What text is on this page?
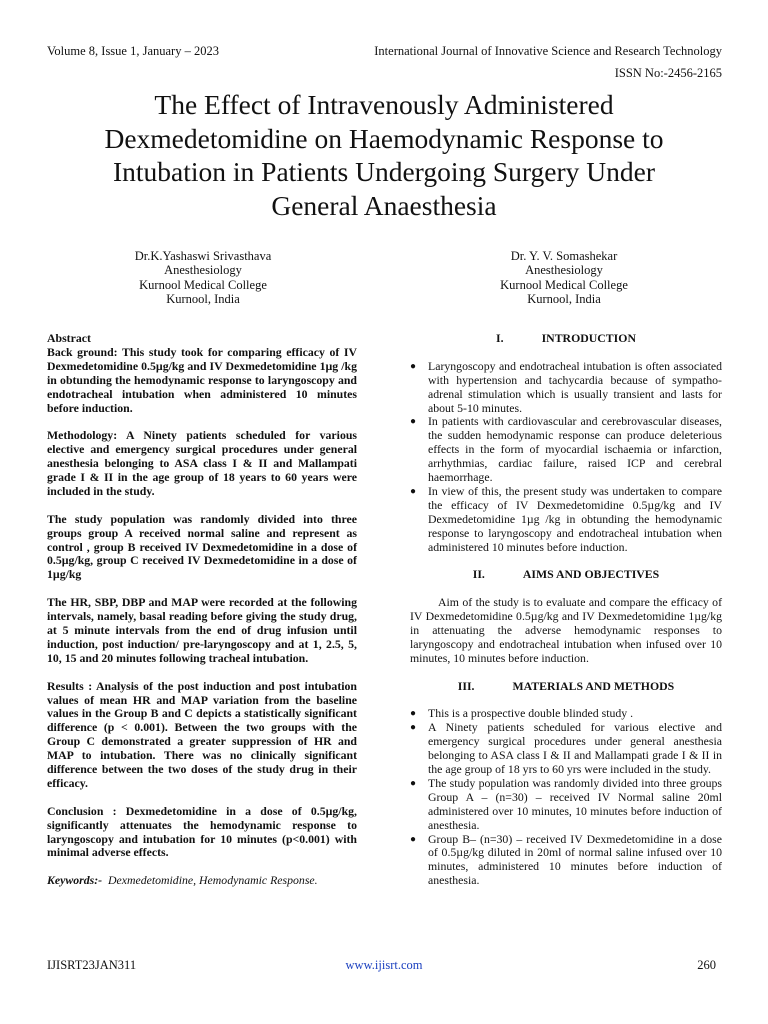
Volume 8, Issue 1, January – 2023	International Journal of Innovative Science and Research Technology
ISSN No:-2456-2165
The Effect of Intravenously Administered
Dexmedetomidine on Haemodynamic Response to
Intubation in Patients Undergoing Surgery Under
General Anaesthesia
Dr.K.Yashaswi Srivasthava
Anesthesiology
Kurnool Medical College
Kurnool, India
Dr. Y. V. Somashekar
Anesthesiology
Kurnool Medical College
Kurnool, India
Abstract

Back ground: This study took for comparing efficacy of IV Dexmedetomidine 0.5µg/kg and IV Dexmedetomidine 1µg /kg in obtunding the hemodynamic response to laryngoscopy and endotracheal intubation when administered 10 minutes before induction.

Methodology: A Ninety patients scheduled for various elective and emergency surgical procedures under general anesthesia belonging to ASA class I & II and Mallampati grade I & II in the age group of 18 years to 60 years were included in the study.

The study population was randomly divided into three groups group A received normal saline and represent as control , group B received IV Dexmedetomidine in a dose of 0.5µg/kg, group C received IV Dexmedetomidine in a dose of 1µg/kg

The HR, SBP, DBP and MAP were recorded at the following intervals, namely, basal reading before giving the study drug, at 5 minute intervals from the end of drug infusion until induction, post induction/ pre-laryngoscopy and at 1, 2.5, 5, 10, 15 and 20 minutes following tracheal intubation.

Results : Analysis of the post induction and post intubation values of mean HR and MAP variation from the baseline values in the Group B and C depicts a statistically significant difference (p < 0.001). Between the two groups with the Group C demonstrated a greater suppression of HR and MAP to intubation. There was no clinically significant difference between the two doses of the study drug in their efficacy.

Conclusion : Dexmedetomidine in a dose of 0.5µg/kg, significantly attenuates the hemodynamic response to laryngoscopy and intubation for 10 minutes (p<0.001) with minimal adverse effects.

Keywords:- Dexmedetomidine, Hemodynamic Response.

I.	INTRODUCTION
●	Laryngoscopy and endotracheal intubation is often associated with hypertension and tachycardia because of sympatho-adrenal stimulation which is usually transient and lasts for about 5-10 minutes.
●	In patients with cardiovascular and cerebrovascular diseases, the sudden hemodynamic response can produce deleterious effects in the form of myocardial ischaemia or infarction, arrhythmias, cardiac failure, raised ICP and cerebral haemorrhage.
●	In view of this, the present study was undertaken to compare the efficacy of IV Dexmedetomidine 0.5µg/kg and IV Dexmedetomidine 1µg /kg in obtunding the hemodynamic response to laryngoscopy and endotracheal intubation when administered 10 minutes before induction.
II.	AIMS AND OBJECTIVES

Aim of the study is to evaluate and compare the efficacy of IV Dexmedetomidine 0.5µg/kg and IV Dexmedetomidine 1µg/kg in attenuating the adverse hemodynamic responses to laryngoscopy and endotracheal intubation when infused over 10 minutes, 10 minutes before induction.

III.	MATERIALS AND METHODS
●	This is a prospective double blinded study .
●	A Ninety patients scheduled for various elective and emergency surgical procedures under general anesthesia belonging to ASA class I & II and Mallampati grade I & II in the age group of 18 yrs to 60 yrs were included in the study.
●	The study population was randomly divided into three groups Group A – (n=30) – received IV Normal saline 20ml administered over 10 minutes, 10 minutes before induction of anesthesia.
●	Group B– (n=30) – received IV Dexmedetomidine in a dose of 0.5µg/kg diluted in 20ml of normal saline infused over 10 minutes, administered 10 minutes before induction of anesthesia.
IJISRT23JAN311	www.ijisrt.com	260
